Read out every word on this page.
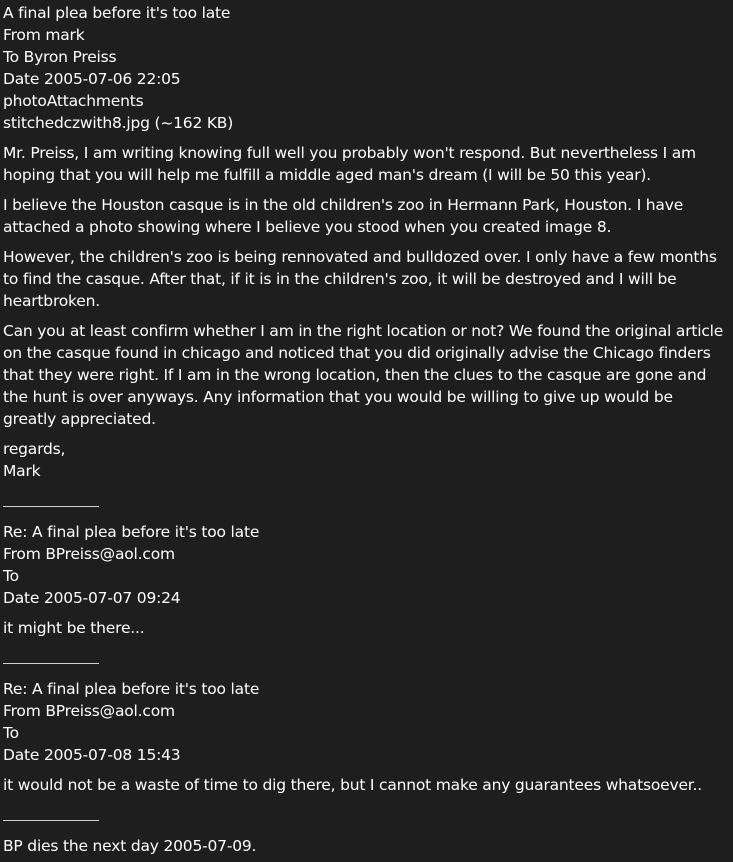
A final plea before it's too late
From mark
To Byron Preiss
Date 2005-07-06 22:05
photoAttachments
stitchedczwith8.jpg (~162 KB)

Mr. Preiss, I am writing knowing full well you probably won't respond. But nevertheless I am hoping that you will help me fulfill a middle aged man's dream (I will be 50 this year).

I believe the Houston casque is in the old children's zoo in Hermann Park, Houston. I have attached a photo showing where I believe you stood when you created image 8.

However, the children's zoo is being rennovated and bulldozed over. I only have a few months to find the casque. After that, if it is in the children's zoo, it will be destroyed and I will be heartbroken.

Can you at least confirm whether I am in the right location or not? We found the original article on the casque found in chicago and noticed that you did originally advise the Chicago finders that they were right. If I am in the wrong location, then the clues to the casque are gone and the hunt is over anyways. Any information that you would be willing to give up would be greatly appreciated.

regards,
Mark

Re: A final plea before it's too late
From BPreiss@aol.com
To
Date 2005-07-07 09:24

it might be there...

Re: A final plea before it's too late
From BPreiss@aol.com
To
Date 2005-07-08 15:43

it would not be a waste of time to dig there, but I cannot make any guarantees whatsoever..

BP dies the next day 2005-07-09.
